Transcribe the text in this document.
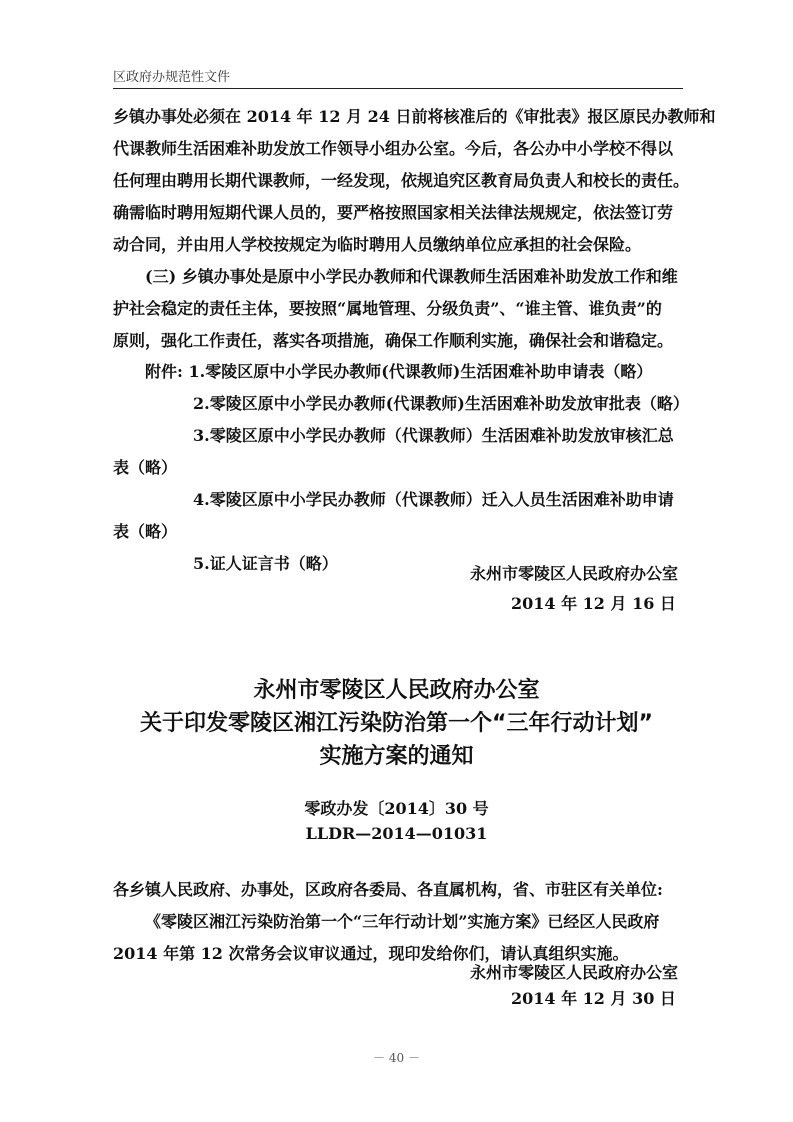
区政府办规范性文件
乡镇办事处必须在 2014 年 12 月 24 日前将核准后的《审批表》报区原民办教师和
代课教师生活困难补助发放工作领导小组办公室。今后，各公办中小学校不得以
任何理由聘用长期代课教师，一经发现，依规追究区教育局负责人和校长的责任。
确需临时聘用短期代课人员的，要严格按照国家相关法律法规规定，依法签订劳
动合同，并由用人学校按规定为临时聘用人员缴纳单位应承担的社会保险。
(三) 乡镇办事处是原中小学民办教师和代课教师生活困难补助发放工作和维
护社会稳定的责任主体，要按照“属地管理、分级负责”、“谁主管、谁负责”的
原则，强化工作责任，落实各项措施，确保工作顺利实施，确保社会和谐稳定。
附件: 1.零陵区原中小学民办教师(代课教师)生活困难补助申请表（略）
2.零陵区原中小学民办教师(代课教师)生活困难补助发放审批表（略）
3.零陵区原中小学民办教师（代课教师）生活困难补助发放审核汇总
表（略）
4.零陵区原中小学民办教师（代课教师）迁入人员生活困难补助申请
表（略）
5.证人证言书（略）
永州市零陵区人民政府办公室
2014 年 12 月 16 日
永州市零陵区人民政府办公室
关于印发零陵区湘江污染防治第一个“三年行动计划”
实施方案的通知
零政办发〔2014〕30 号
LLDR—2014—01031
各乡镇人民政府、办事处，区政府各委局、各直属机构，省、市驻区有关单位:
《零陵区湘江污染防治第一个“三年行动计划”实施方案》已经区人民政府
2014 年第 12 次常务会议审议通过，现印发给你们，请认真组织实施。
永州市零陵区人民政府办公室
2014 年 12 月 30 日
－ 40 －
